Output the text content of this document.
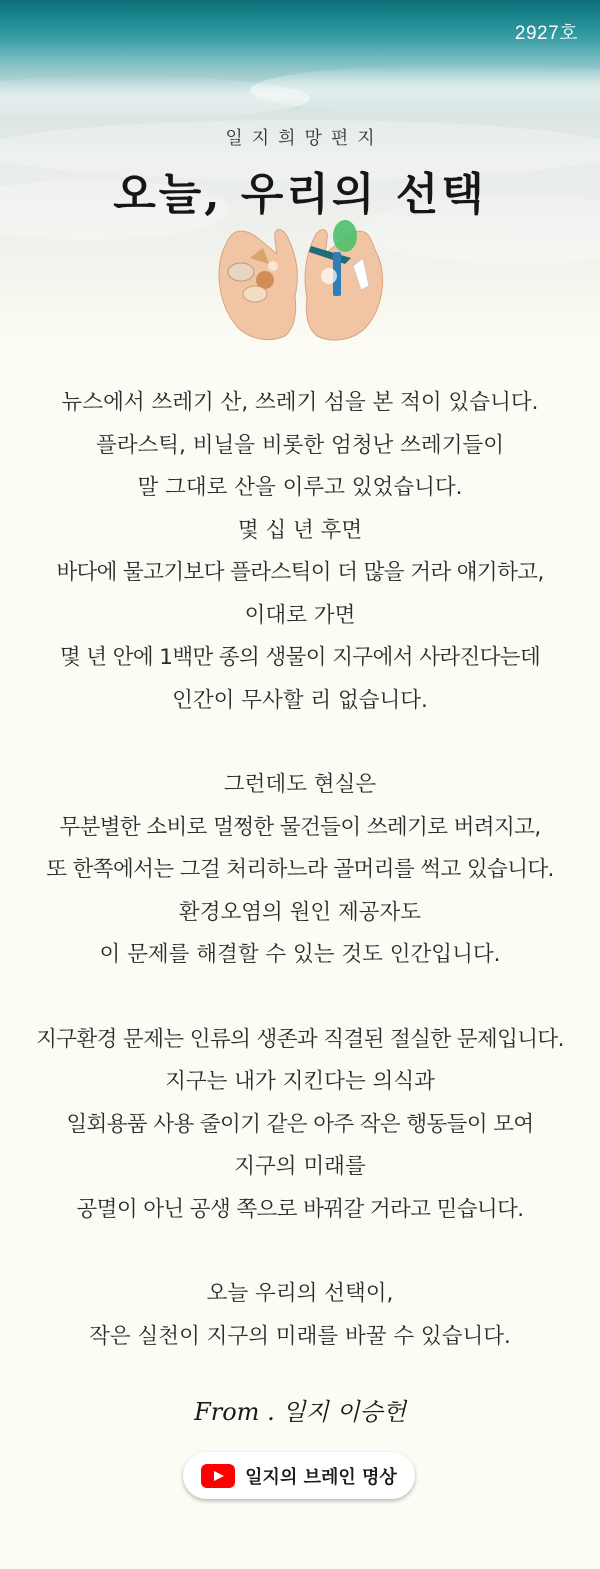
2927호
일지희망편지
오늘, 우리의 선택
뉴스에서 쓰레기 산, 쓰레기 섬을 본 적이 있습니다.
플라스틱, 비닐을 비롯한 엄청난 쓰레기들이
말 그대로 산을 이루고 있었습니다.
몇 십 년 후면
바다에 물고기보다 플라스틱이 더 많을 거라 얘기하고,
이대로 가면
몇 년 안에 1백만 종의 생물이 지구에서 사라진다는데
인간이 무사할 리 없습니다.
그런데도 현실은
무분별한 소비로 멀쩡한 물건들이 쓰레기로 버려지고,
또 한쪽에서는 그걸 처리하느라 골머리를 썩고 있습니다.
환경오염의 원인 제공자도
이 문제를 해결할 수 있는 것도 인간입니다.
지구환경 문제는 인류의 생존과 직결된 절실한 문제입니다.
지구는 내가 지킨다는 의식과
일회용품 사용 줄이기 같은 아주 작은 행동들이 모여
지구의 미래를
공멸이 아닌 공생 쪽으로 바꿔갈 거라고 믿습니다.
오늘 우리의 선택이,
작은 실천이 지구의 미래를 바꿀 수 있습니다.
From . 일지 이승헌
일지의 브레인 명상
